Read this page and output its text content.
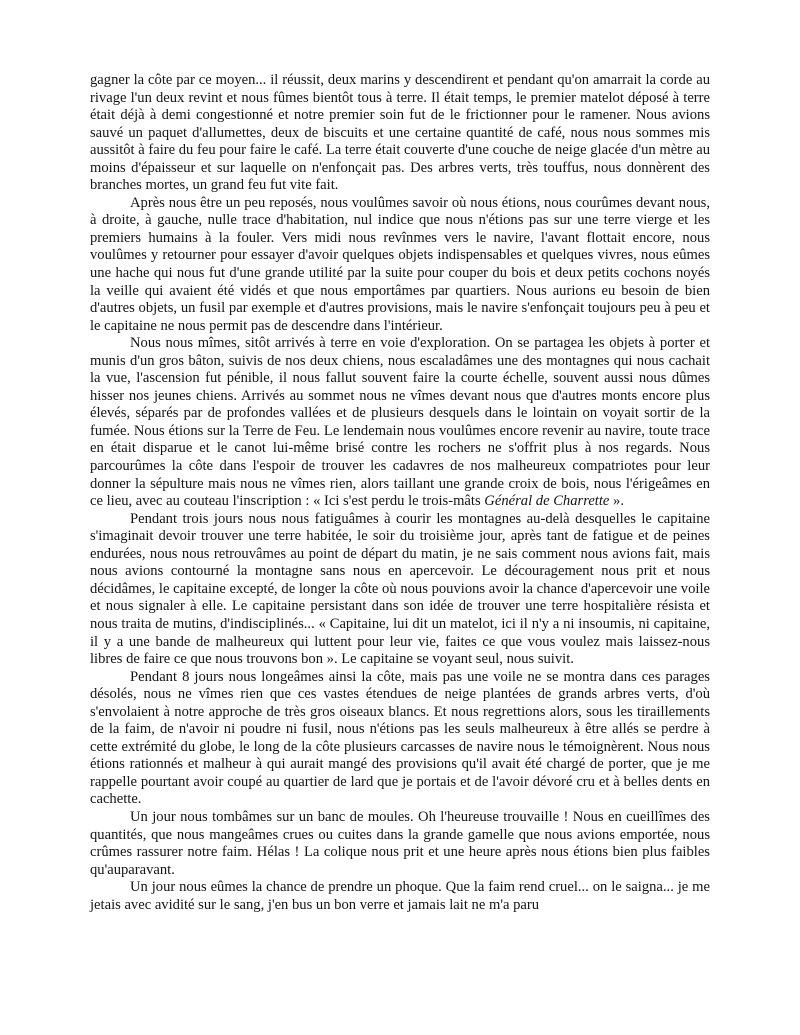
gagner la côte par ce moyen... il réussit, deux marins y descendirent et pendant qu'on amarrait la corde au rivage l'un deux revint et nous fûmes bientôt tous à terre. Il était temps, le premier matelot déposé à terre était déjà à demi congestionné et notre premier soin fut de le frictionner pour le ramener. Nous avions sauvé un paquet d'allumettes, deux de biscuits et une certaine quantité de café, nous nous sommes mis aussitôt à faire du feu pour faire le café. La terre était couverte d'une couche de neige glacée d'un mètre au moins d'épaisseur et sur laquelle on n'enfonçait pas. Des arbres verts, très touffus, nous donnèrent des branches mortes, un grand feu fut vite fait.

Après nous être un peu reposés, nous voulûmes savoir où nous étions, nous courûmes devant nous, à droite, à gauche, nulle trace d'habitation, nul indice que nous n'étions pas sur une terre vierge et les premiers humains à la fouler. Vers midi nous revînmes vers le navire, l'avant flottait encore, nous voulûmes y retourner pour essayer d'avoir quelques objets indispensables et quelques vivres, nous eûmes une hache qui nous fut d'une grande utilité par la suite pour couper du bois et deux petits cochons noyés la veille qui avaient été vidés et que nous emportâmes par quartiers. Nous aurions eu besoin de bien d'autres objets, un fusil par exemple et d'autres provisions, mais le navire s'enfonçait toujours peu à peu et le capitaine ne nous permit pas de descendre dans l'intérieur.

Nous nous mîmes, sitôt arrivés à terre en voie d'exploration. On se partagea les objets à porter et munis d'un gros bâton, suivis de nos deux chiens, nous escaladâmes une des montagnes qui nous cachait la vue, l'ascension fut pénible, il nous fallut souvent faire la courte échelle, souvent aussi nous dûmes hisser nos jeunes chiens. Arrivés au sommet nous ne vîmes devant nous que d'autres monts encore plus élevés, séparés par de profondes vallées et de plusieurs desquels dans le lointain on voyait sortir de la fumée. Nous étions sur la Terre de Feu. Le lendemain nous voulûmes encore revenir au navire, toute trace en était disparue et le canot lui-même brisé contre les rochers ne s'offrit plus à nos regards. Nous parcourûmes la côte dans l'espoir de trouver les cadavres de nos malheureux compatriotes pour leur donner la sépulture mais nous ne vîmes rien, alors taillant une grande croix de bois, nous l'érigeâmes en ce lieu, avec au couteau l'inscription : « Ici s'est perdu le trois-mâts Général de Charrette ».

Pendant trois jours nous nous fatiguâmes à courir les montagnes au-delà desquelles le capitaine s'imaginait devoir trouver une terre habitée, le soir du troisième jour, après tant de fatigue et de peines endurées, nous nous retrouvâmes au point de départ du matin, je ne sais comment nous avions fait, mais nous avions contourné la montagne sans nous en apercevoir. Le découragement nous prit et nous décidâmes, le capitaine excepté, de longer la côte où nous pouvions avoir la chance d'apercevoir une voile et nous signaler à elle. Le capitaine persistant dans son idée de trouver une terre hospitalière résista et nous traita de mutins, d'indisciplinés... « Capitaine, lui dit un matelot, ici il n'y a ni insoumis, ni capitaine, il y a une bande de malheureux qui luttent pour leur vie, faites ce que vous voulez mais laissez-nous libres de faire ce que nous trouvons bon ». Le capitaine se voyant seul, nous suivit.

Pendant 8 jours nous longeâmes ainsi la côte, mais pas une voile ne se montra dans ces parages désolés, nous ne vîmes rien que ces vastes étendues de neige plantées de grands arbres verts, d'où s'envolaient à notre approche de très gros oiseaux blancs. Et nous regrettions alors, sous les tiraillements de la faim, de n'avoir ni poudre ni fusil, nous n'étions pas les seuls malheureux à être allés se perdre à cette extrémité du globe, le long de la côte plusieurs carcasses de navire nous le témoignèrent. Nous nous étions rationnés et malheur à qui aurait mangé des provisions qu'il avait été chargé de porter, que je me rappelle pourtant avoir coupé au quartier de lard que je portais et de l'avoir dévoré cru et à belles dents en cachette.

Un jour nous tombâmes sur un banc de moules. Oh l'heureuse trouvaille ! Nous en cueillîmes des quantités, que nous mangeâmes crues ou cuites dans la grande gamelle que nous avions emportée, nous crûmes rassurer notre faim. Hélas ! La colique nous prit et une heure après nous étions bien plus faibles qu'auparavant.

Un jour nous eûmes la chance de prendre un phoque. Que la faim rend cruel... on le saigna... je me jetais avec avidité sur le sang, j'en bus un bon verre et jamais lait ne m'a paru
